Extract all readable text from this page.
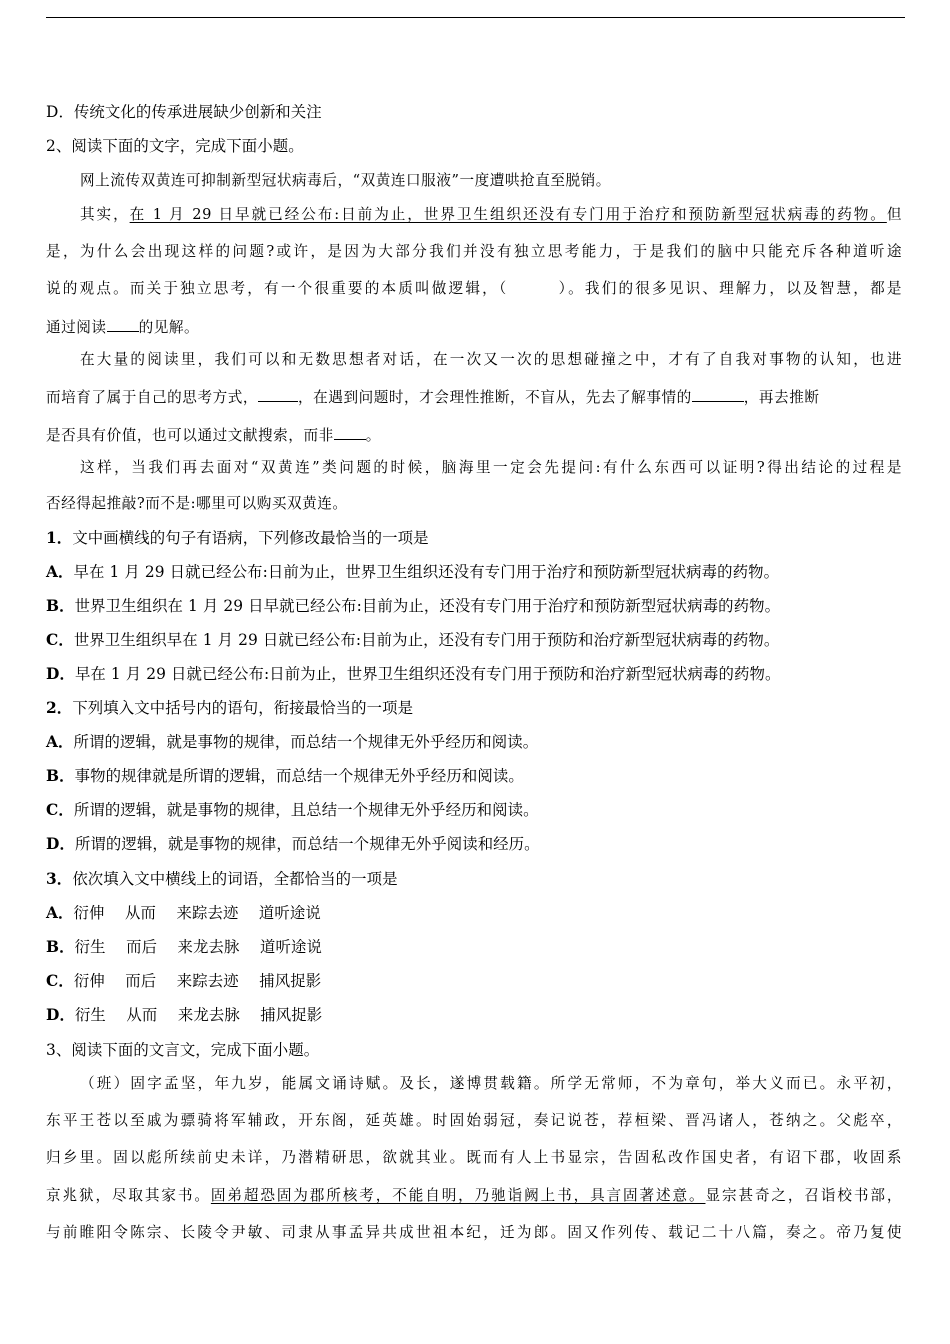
D．传统文化的传承进展缺少创新和关注
2、阅读下面的文字，完成下面小题。
网上流传双黄连可抑制新型冠状病毒后，“双黄连口服液”一度遭哄抢直至脱销。
其实，在 1 月 29 日早就已经公布:日前为止，世界卫生组织还没有专门用于治疗和预防新型冠状病毒的药物。但
是，为什么会出现这样的问题?或许，是因为大部分我们并没有独立思考能力，于是我们的脑中只能充斥各种道听途
说的观点。而关于独立思考，有一个很重要的本质叫做逻辑，（　　　）。我们的很多见识、理解力，以及智慧，都是
通过阅读 的见解。
在大量的阅读里，我们可以和无数思想者对话，在一次又一次的思想碰撞之中，才有了自我对事物的认知，也进
而培育了属于自己的思考方式，	，在遇到问题时，才会理性推断，不盲从，先去了解事情的	，再去推断
是否具有价值，也可以通过文献搜索，而非 。
这样，当我们再去面对“双黄连”类问题的时候，脑海里一定会先提问:有什么东西可以证明?得出结论的过程是
否经得起推敲?而不是:哪里可以购买双黄连。
1．文中画横线的句子有语病，下列修改最恰当的一项是
A．早在 1 月 29 日就已经公布:日前为止，世界卫生组织还没有专门用于治疗和预防新型冠状病毒的药物。
B．世界卫生组织在 1 月 29 日早就已经公布:目前为止，还没有专门用于治疗和预防新型冠状病毒的药物。
C．世界卫生组织早在 1 月 29 日就已经公布:目前为止，还没有专门用于预防和治疗新型冠状病毒的药物。
D．早在 1 月 29 日就已经公布:日前为止，世界卫生组织还没有专门用于预防和治疗新型冠状病毒的药物。
2．下列填入文中括号内的语句，衔接最恰当的一项是
A．所谓的逻辑，就是事物的规律，而总结一个规律无外乎经历和阅读。
B．事物的规律就是所谓的逻辑，而总结一个规律无外乎经历和阅读。
C．所谓的逻辑，就是事物的规律，且总结一个规律无外乎经历和阅读。
D．所谓的逻辑，就是事物的规律，而总结一个规律无外乎阅读和经历。
3．依次填入文中横线上的词语，全都恰当的一项是
A．衍伸　 从而　 来踪去迹　 道听途说
B．衍生　 而后　 来龙去脉　 道听途说
C．衍伸　 而后　 来踪去迹　 捕风捉影
D．衍生　 从而　 来龙去脉　 捕风捉影
3、阅读下面的文言文，完成下面小题。
（班）固字孟坚，年九岁，能属文诵诗赋。及长，遂博贯载籍。所学无常师，不为章句，举大义而已。永平初，
东平王苍以至戚为骠骑将军辅政，开东阁，延英雄。时固始弱冠，奏记说苍，荐桓梁、晋冯诸人，苍纳之。父彪卒，
归乡里。固以彪所续前史未详，乃潜精研思，欲就其业。既而有人上书显宗，告固私改作国史者，有诏下郡，收固系
京兆狱，尽取其家书。固弟超恐固为郡所核考，不能自明，乃驰诣阙上书，具言固著述意。显宗甚奇之，召诣校书部，
与前睢阳令陈宗、长陵令尹敏、司隶从事孟异共成世祖本纪，迁为郎。固又作列传、载记二十八篇，奏之。帝乃复使
